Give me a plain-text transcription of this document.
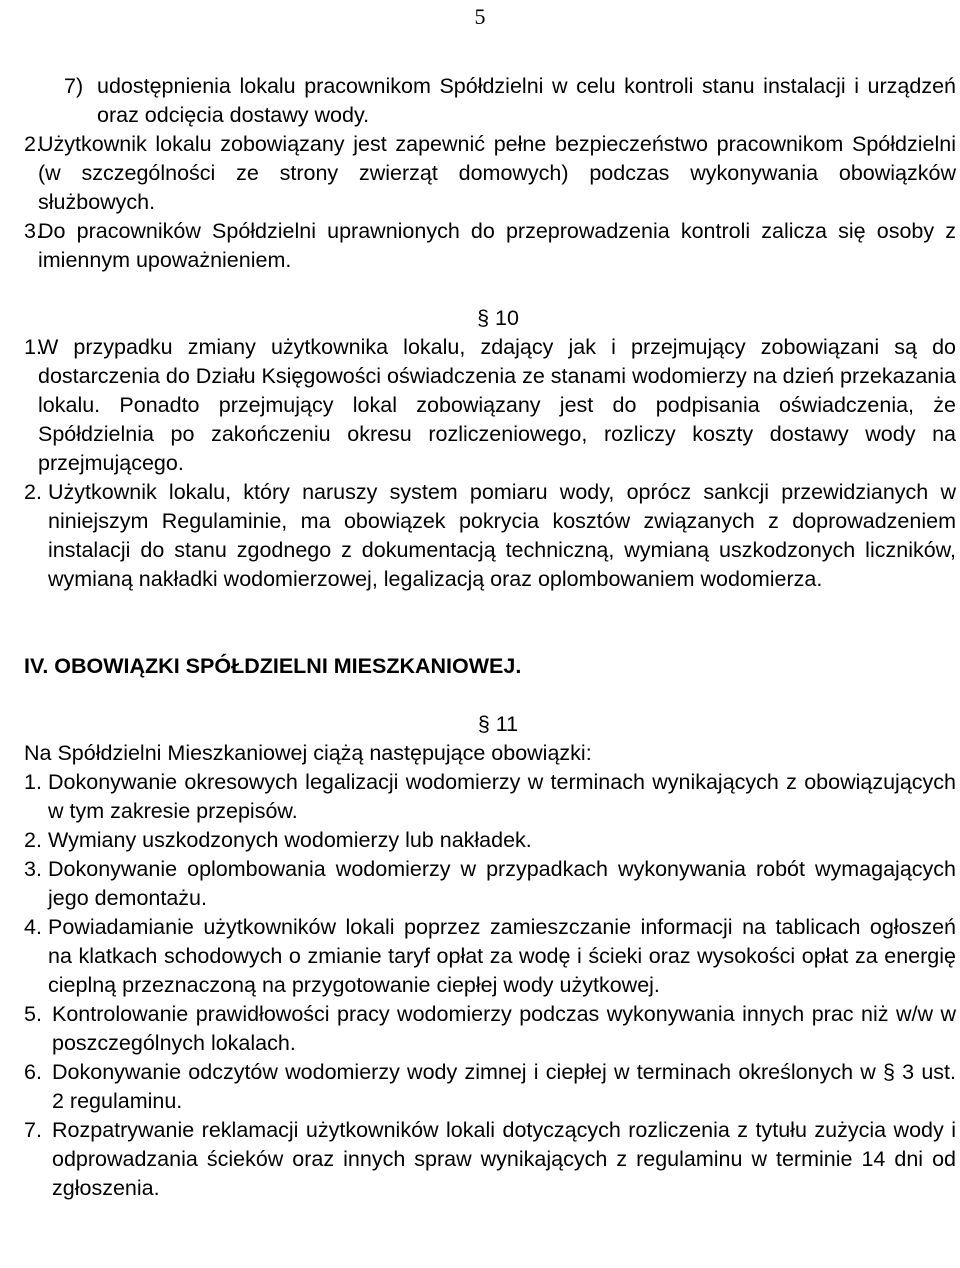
5
7) udostępnienia lokalu pracownikom Spółdzielni w celu kontroli stanu instalacji i urządzeń oraz odcięcia dostawy wody.
2.
Użytkownik lokalu zobowiązany jest zapewnić pełne bezpieczeństwo pracownikom Spółdzielni (w szczególności ze strony zwierząt domowych) podczas wykonywania obowiązków służbowych.
3.
Do pracowników Spółdzielni uprawnionych do przeprowadzenia kontroli zalicza się osoby z imiennym upoważnieniem.
§ 10
1.
W przypadku zmiany użytkownika lokalu, zdający jak i przejmujący zobowiązani są do dostarczenia do Działu Księgowości oświadczenia ze stanami wodomierzy na dzień przekazania lokalu. Ponadto przejmujący lokal zobowiązany jest do podpisania oświadczenia, że Spółdzielnia po zakończeniu okresu rozliczeniowego, rozliczy koszty dostawy wody na przejmującego.
2. Użytkownik lokalu, który naruszy system pomiaru wody, oprócz sankcji przewidzianych w niniejszym Regulaminie, ma obowiązek pokrycia kosztów związanych z doprowadzeniem instalacji do stanu zgodnego z dokumentacją techniczną, wymianą uszkodzonych liczników, wymianą nakładki wodomierzowej, legalizacją oraz oplombowaniem wodomierza.
IV. OBOWIĄZKI SPÓŁDZIELNI MIESZKANIOWEJ.
§ 11
Na Spółdzielni Mieszkaniowej ciążą następujące obowiązki:
1. Dokonywanie okresowych legalizacji wodomierzy w terminach wynikających z obowiązujących w tym zakresie przepisów.
2. Wymiany uszkodzonych wodomierzy lub nakładek.
3. Dokonywanie oplombowania wodomierzy w przypadkach wykonywania robót wymagających jego demontażu.
4. Powiadamianie użytkowników lokali poprzez zamieszczanie informacji na tablicach ogłoszeń na klatkach schodowych o zmianie taryf opłat za wodę i ścieki oraz wysokości opłat za energię cieplną przeznaczoną na przygotowanie ciepłej wody użytkowej.
5. Kontrolowanie prawidłowości pracy wodomierzy podczas wykonywania innych prac niż w/w w poszczególnych lokalach.
6. Dokonywanie odczytów wodomierzy wody zimnej i ciepłej w terminach określonych w § 3 ust. 2 regulaminu.
7. Rozpatrywanie reklamacji użytkowników lokali dotyczących rozliczenia z tytułu zużycia wody i odprowadzania ścieków oraz innych spraw wynikających z regulaminu w terminie 14 dni od zgłoszenia.
